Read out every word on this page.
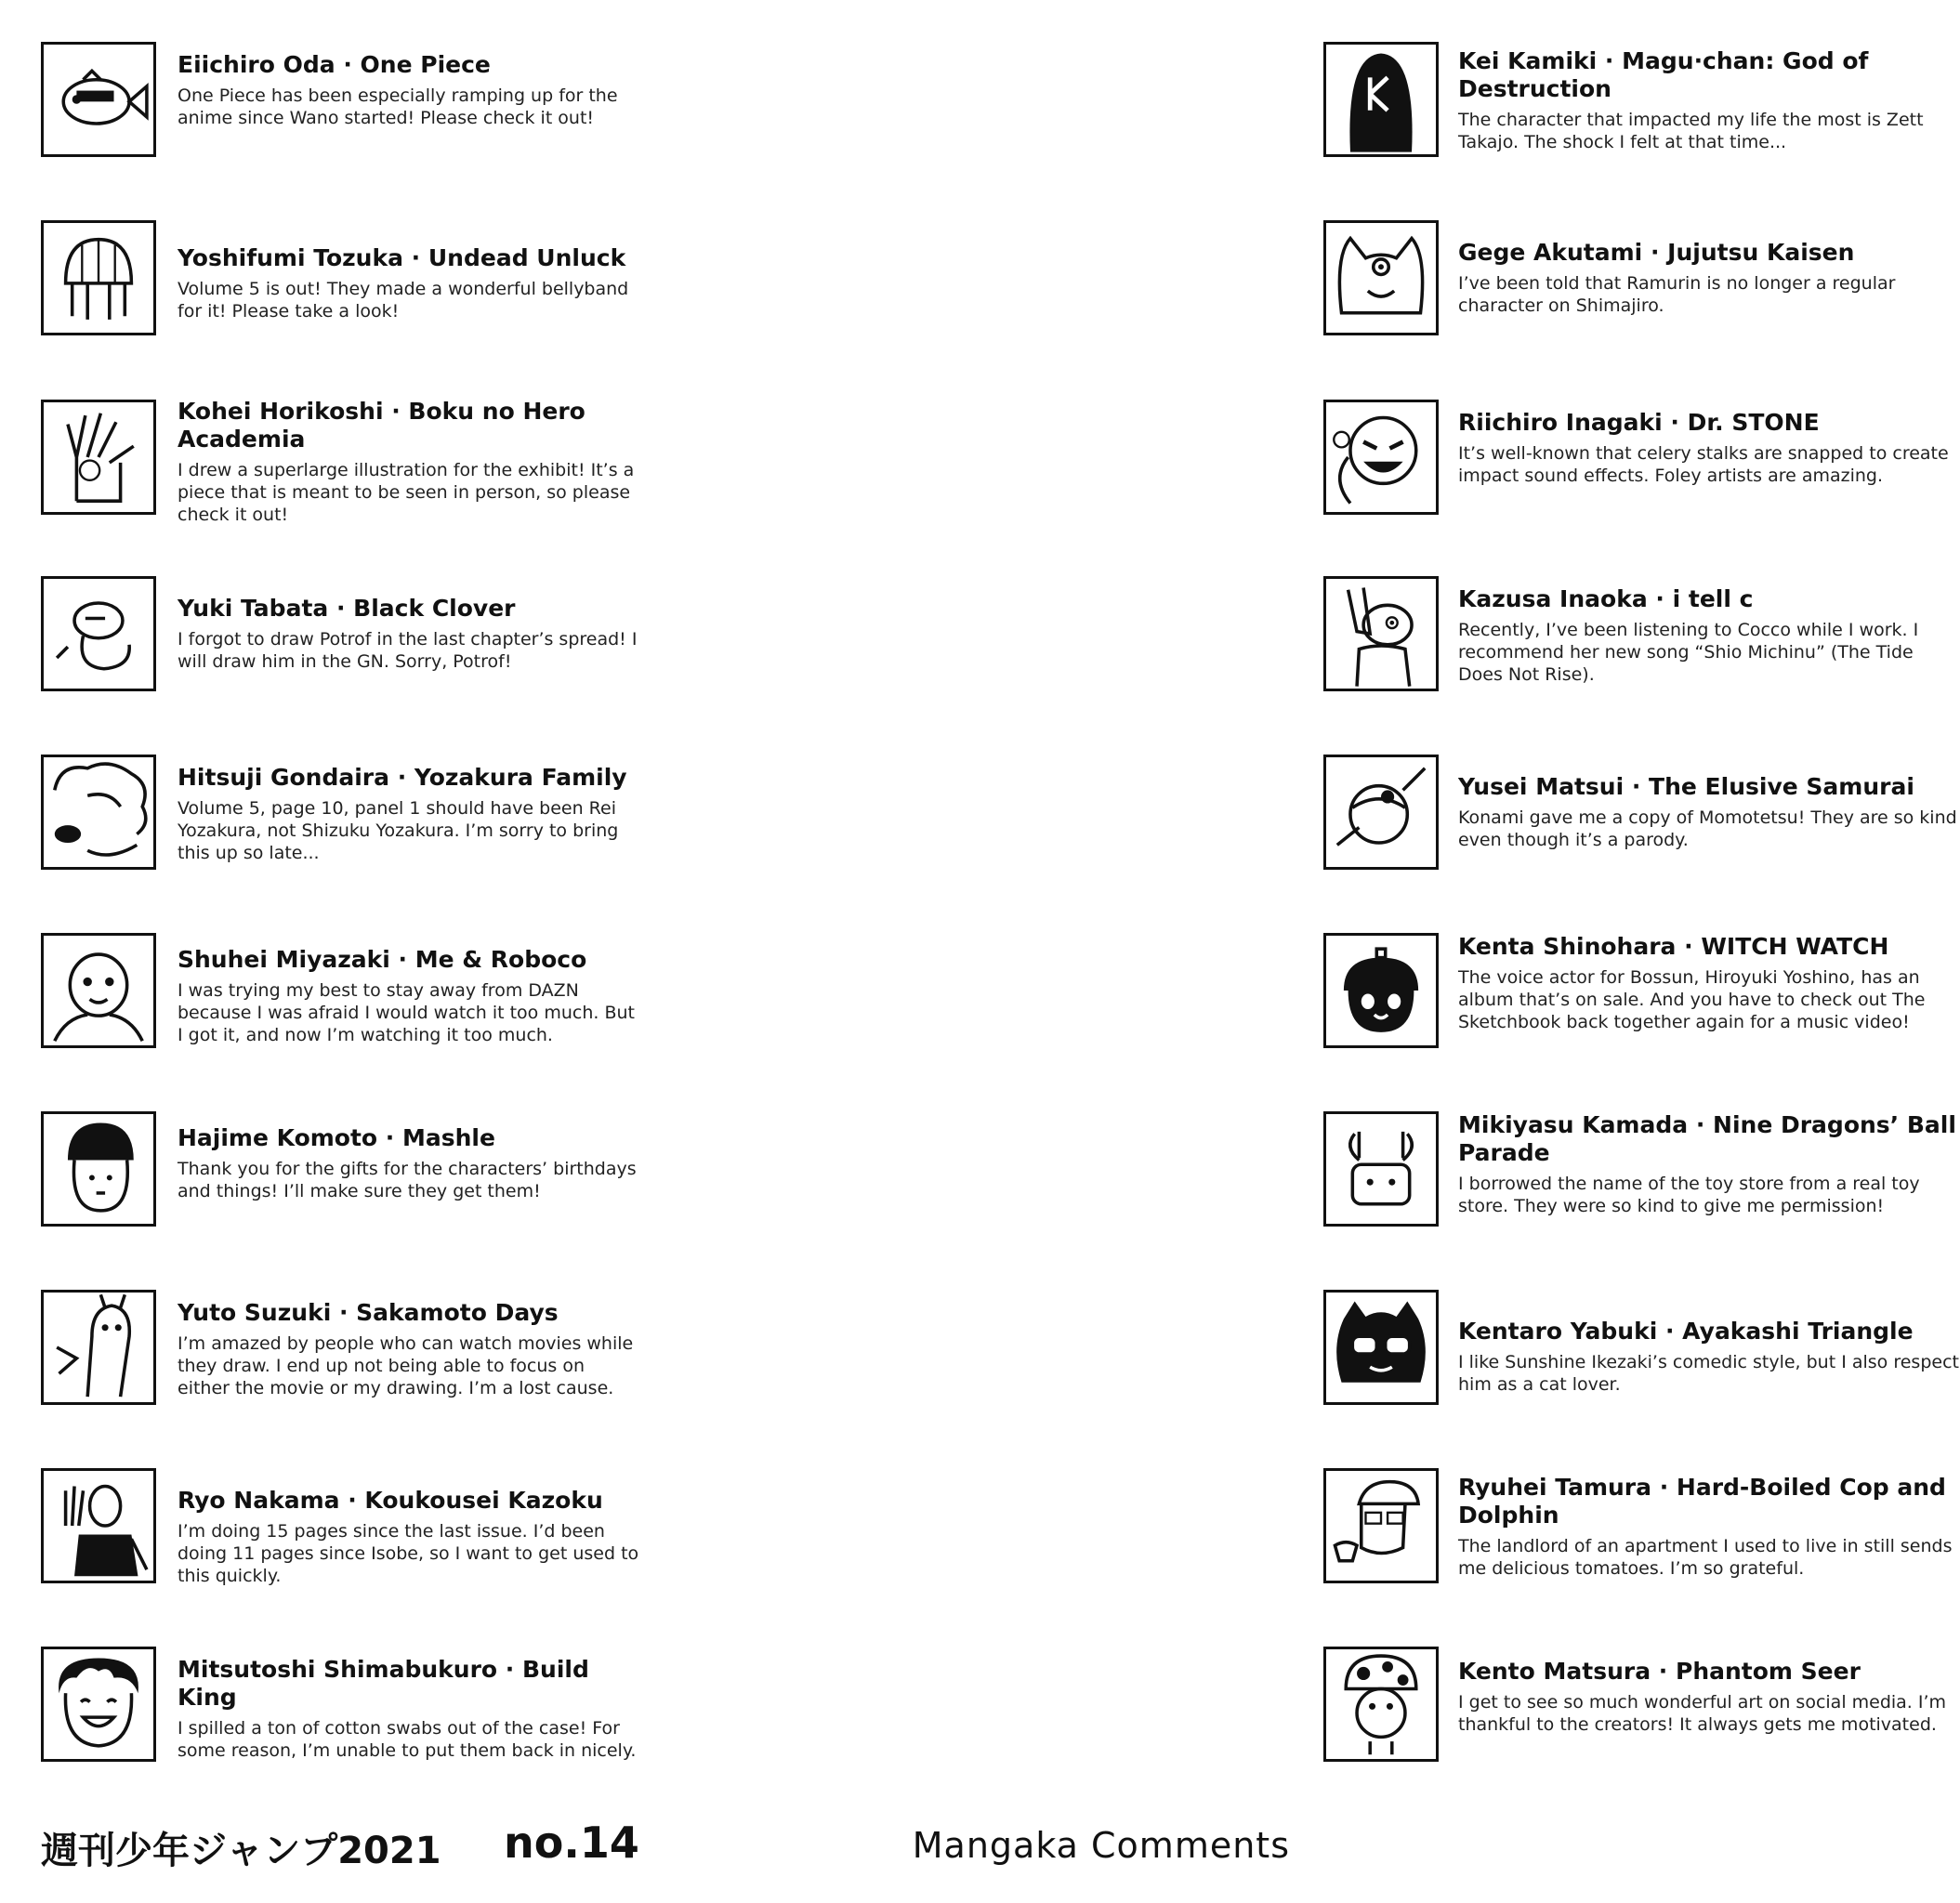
Eiichiro Oda · One Piece
One Piece has been especially ramping up for the anime since Wano started! Please check it out!
Yoshifumi Tozuka · Undead Unluck
Volume 5 is out! They made a wonderful bellyband for it! Please take a look!
Kohei Horikoshi · Boku no Hero Academia
I drew a superlarge illustration for the exhibit! It’s a piece that is meant to be seen in person, so please check it out!
Yuki Tabata · Black Clover
I forgot to draw Potrof in the last chapter’s spread! I will draw him in the GN. Sorry, Potrof!
Hitsuji Gondaira · Yozakura Family
Volume 5, page 10, panel 1 should have been Rei Yozakura, not Shizuku Yozakura. I’m sorry to bring this up so late...
Shuhei Miyazaki · Me & Roboco
I was trying my best to stay away from DAZN because I was afraid I would watch it too much. But I got it, and now I’m watching it too much.
Hajime Komoto · Mashle
Thank you for the gifts for the characters’ birthdays and things! I’ll make sure they get them!
Yuto Suzuki · Sakamoto Days
I’m amazed by people who can watch movies while they draw. I end up not being able to focus on either the movie or my drawing. I’m a lost cause.
Ryo Nakama · Koukousei Kazoku
I’m doing 15 pages since the last issue. I’d been doing 11 pages since Isobe, so I want to get used to this quickly.
Mitsutoshi Shimabukuro · Build King
I spilled a ton of cotton swabs out of the case! For some reason, I’m unable to put them back in nicely.
Kei Kamiki · Magu·chan: God of Destruction
The character that impacted my life the most is Zett Takajo. The shock I felt at that time...
Gege Akutami · Jujutsu Kaisen
I’ve been told that Ramurin is no longer a regular character on Shimajiro.
Riichiro Inagaki · Dr. STONE
It’s well-known that celery stalks are snapped to create impact sound effects. Foley artists are amazing.
Kazusa Inaoka · i tell c
Recently, I’ve been listening to Cocco while I work. I recommend her new song “Shio Michinu” (The Tide Does Not Rise).
Yusei Matsui · The Elusive Samurai
Konami gave me a copy of Momotetsu! They are so kind even though it’s a parody.
Kenta Shinohara · WITCH WATCH
The voice actor for Bossun, Hiroyuki Yoshino, has an album that’s on sale. And you have to check out The Sketchbook back together again for a music video!
Mikiyasu Kamada · Nine Dragons’ Ball Parade
I borrowed the name of the toy store from a real toy store. They were so kind to give me permission!
Kentaro Yabuki · Ayakashi Triangle
I like Sunshine Ikezaki’s comedic style, but I also respect him as a cat lover.
Ryuhei Tamura · Hard-Boiled Cop and Dolphin
The landlord of an apartment I used to live in still sends me delicious tomatoes. I’m so grateful.
Kento Matsura · Phantom Seer
I get to see so much wonderful art on social media. I’m thankful to the creators! It always gets me motivated.
週刊少年ジャンプ2021 no.14	Mangaka Comments
